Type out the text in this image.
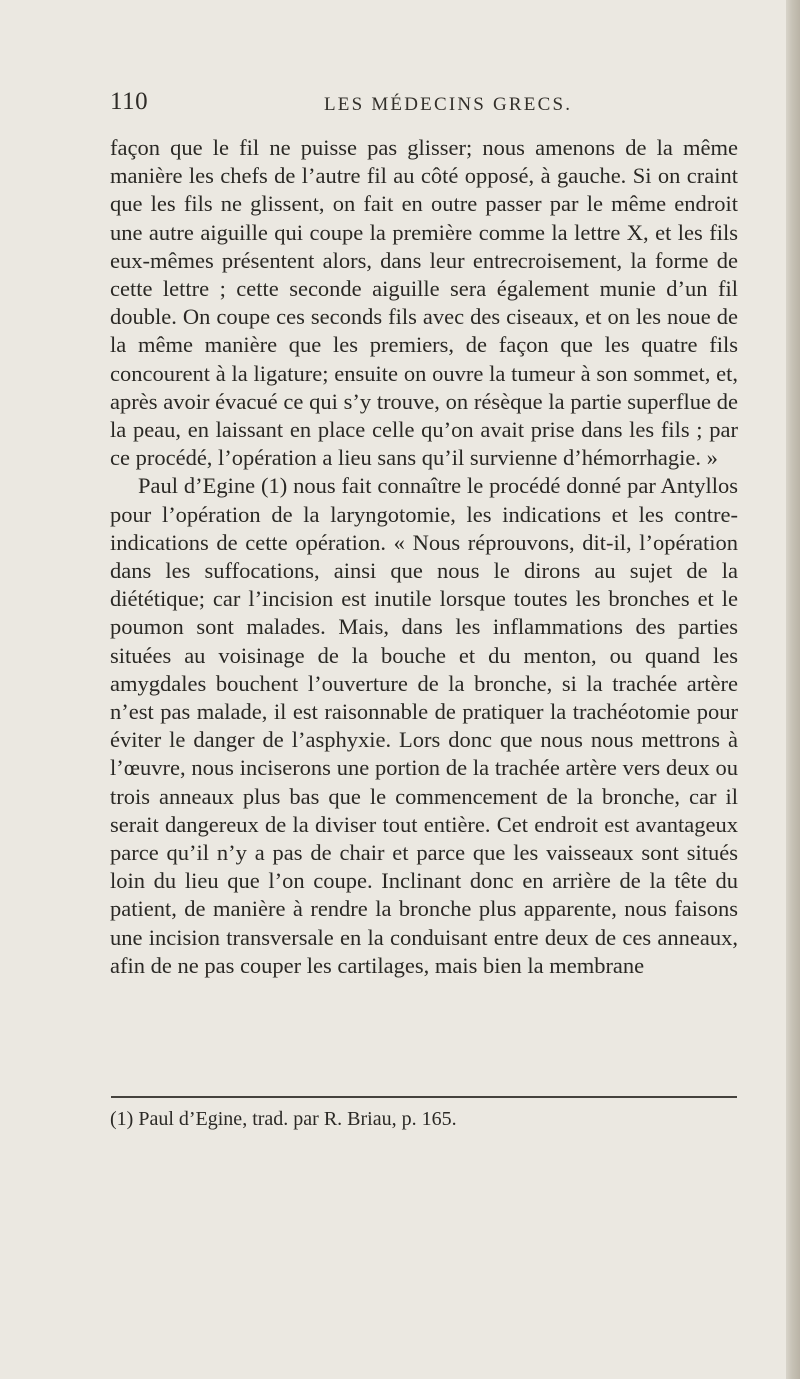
110	LES MÉDECINS GRECS.

façon que le fil ne puisse pas glisser; nous amenons de la même manière les chefs de l’autre fil au côté opposé, à gauche. Si on craint que les fils ne glissent, on fait en outre passer par le même endroit une autre aiguille qui coupe la première comme la lettre X, et les fils eux-mêmes présentent alors, dans leur entrecroisement, la forme de cette lettre ; cette seconde aiguille sera également munie d’un fil double. On coupe ces seconds fils avec des ciseaux, et on les noue de la même manière que les premiers, de façon que les quatre fils concourent à la ligature; ensuite on ouvre la tumeur à son sommet, et, après avoir évacué ce qui s’y trouve, on résèque la partie superflue de la peau, en laissant en place celle qu’on avait prise dans les fils ; par ce procédé, l’opération a lieu sans qu’il survienne d’hémorrhagie. »

Paul d’Egine (1) nous fait connaître le procédé donné par Antyllos pour l’opération de la laryngotomie, les indications et les contre-indications de cette opération. « Nous réprouvons, dit-il, l’opération dans les suffocations, ainsi que nous le dirons au sujet de la diététique; car l’incision est inutile lorsque toutes les bronches et le poumon sont malades. Mais, dans les inflammations des parties situées au voisinage de la bouche et du menton, ou quand les amygdales bouchent l’ouverture de la bronche, si la trachée artère n’est pas malade, il est raisonnable de pratiquer la trachéotomie pour éviter le danger de l’asphyxie. Lors donc que nous nous mettrons à l’œuvre, nous inciserons une portion de la trachée artère vers deux ou trois anneaux plus bas que le commencement de la bronche, car il serait dangereux de la diviser tout entière. Cet endroit est avantageux parce qu’il n’y a pas de chair et parce que les vaisseaux sont situés loin du lieu que l’on coupe. Inclinant donc en arrière de la tête du patient, de manière à rendre la bronche plus apparente, nous faisons une incision transversale en la conduisant entre deux de ces anneaux, afin de ne pas couper les cartilages, mais bien la membrane

(1) Paul d’Egine, trad. par R. Briau, p. 165.
